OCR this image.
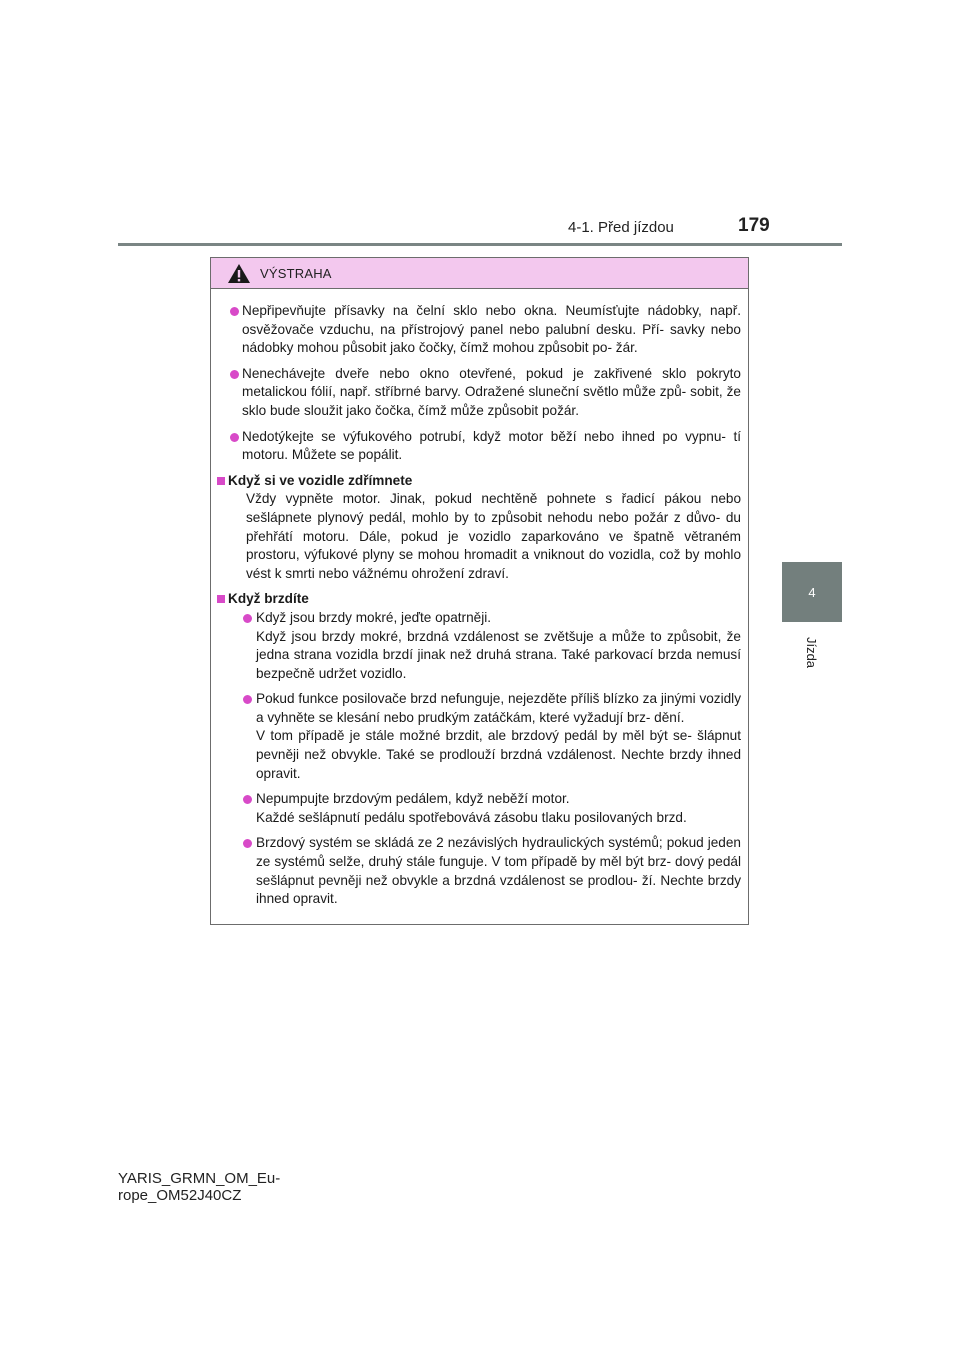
4-1. Před jízdou	179
4
Jízda
VÝSTRAHA
Nepřipevňujte přísavky na čelní sklo nebo okna. Neumísťujte nádobky, např. osvěžovače vzduchu, na přístrojový panel nebo palubní desku. Pří- savky nebo nádobky mohou působit jako čočky, čímž mohou způsobit po- žár.
Nenechávejte dveře nebo okno otevřené, pokud je zakřivené sklo pokryto metalickou fólií, např. stříbrné barvy. Odražené sluneční světlo může způ- sobit, že sklo bude sloužit jako čočka, čímž může způsobit požár.
Nedotýkejte se výfukového potrubí, když motor běží nebo ihned po vypnu- tí motoru. Můžete se popálit.
Když si ve vozidle zdřímnete
Vždy vypněte motor. Jinak, pokud nechtěně pohnete s řadicí pákou nebo sešlápnete plynový pedál, mohlo by to způsobit nehodu nebo požár z důvo- du přehřátí motoru. Dále, pokud je vozidlo zaparkováno ve špatně větraném prostoru, výfukové plyny se mohou hromadit a vniknout do vozidla, což by mohlo vést k smrti nebo vážnému ohrožení zdraví.
Když brzdíte
Když jsou brzdy mokré, jeďte opatrněji.
Když jsou brzdy mokré, brzdná vzdálenost se zvětšuje a může to způsobit, že jedna strana vozidla brzdí jinak než druhá strana. Také parkovací brzda nemusí bezpečně udržet vozidlo.
Pokud funkce posilovače brzd nefunguje, nejezděte příliš blízko za jinými vozidly a vyhněte se klesání nebo prudkým zatáčkám, které vyžadují brz- dění.
V tom případě je stále možné brzdit, ale brzdový pedál by měl být se- šlápnut pevněji než obvykle. Také se prodlouží brzdná vzdálenost. Nechte brzdy ihned opravit.
Nepumpujte brzdovým pedálem, když neběží motor.
Každé sešlápnutí pedálu spotřebovává zásobu tlaku posilovaných brzd.
Brzdový systém se skládá ze 2 nezávislých hydraulických systémů; pokud jeden ze systémů selže, druhý stále funguje. V tom případě by měl být brz- dový pedál sešlápnut pevněji než obvykle a brzdná vzdálenost se prodlou- ží. Nechte brzdy ihned opravit.
YARIS_GRMN_OM_Eu-
rope_OM52J40CZ
